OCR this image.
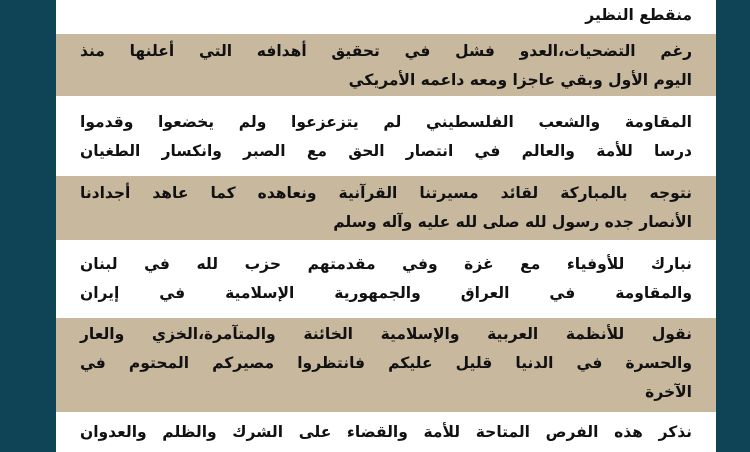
منقطع النظير
رغم التضحيات،العدو فشل في تحقيق أهدافه التي أعلنها منذ
اليوم الأول وبقي عاجزا ومعه داعمه الأمريكي
المقاومة والشعب الفلسطيني لم يتزعزعوا ولم يخضعوا وقدموا
درسا للأمة والعالم في انتصار الحق مع الصبر وانكسار الطغيان
نتوجه بالمباركة لقائد مسيرتنا القرآنية ونعاهده كما عاهد أجدادنا
الأنصار جده رسول لله صلى لله عليه وآله وسلم
نبارك للأوفياء مع غزة وفي مقدمتهم حزب لله في لبنان
والمقاومة في العراق والجمهورية الإسلامية في إيران
نقول للأنظمة العربية والإسلامية الخائنة والمتآمرة،الخزي والعار
والحسرة في الدنيا قليل عليكم فانتظروا مصيركم المحتوم في
الآخرة
نذكر هذه الفرص المتاحة للأمة والقضاء على الشرك والظلم والعدوان
